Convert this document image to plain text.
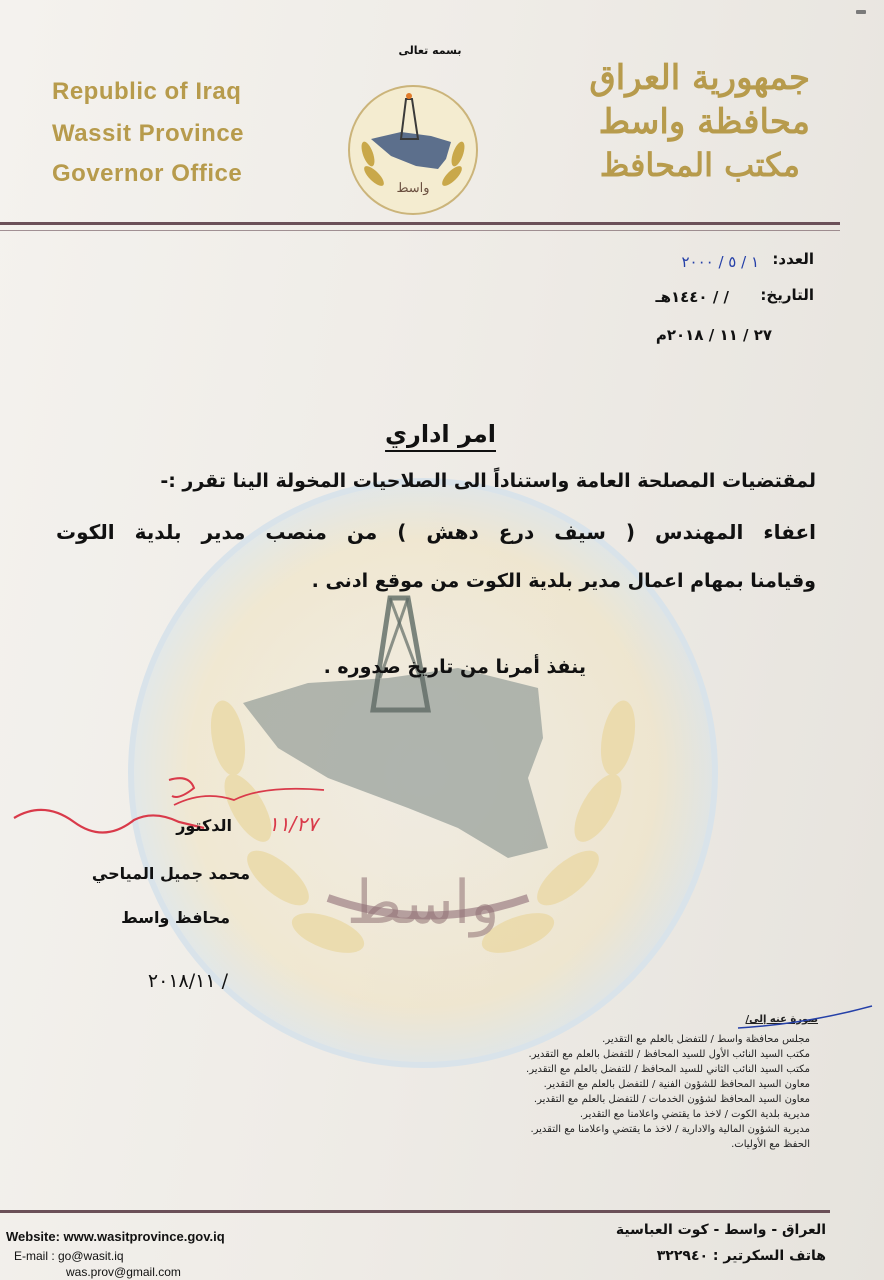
واسط
بسمه تعالى
Republic of Iraq
Wassit Province
Governor Office
واسط
جمهورية العراق
محافظة واسط
مكتب المحافظ
العدد:
١ / ٥ / ٢٠٠٠
التاريخ:
/ / ١٤٤٠هـ
٢٧ / ١١ / ٢٠١٨م
امر اداري
لمقتضيات المصلحة العامة واستناداً الى الصلاحيات المخولة الينا تقرر :-
اعفاء المهندس ( سيف درع دهش ) من منصب مدير بلدية الكوت
وقيامنا بمهام اعمال مدير بلدية الكوت من موقع ادنى .
ينفذ أمرنا من تاريخ صدوره .
١١/٢٧
الدكتور
محمد جميل المياحي
محافظ واسط
/ ٢٠١٨/١١
صورة عنه إلى/
مجلس محافظة واسط / للتفضل بالعلم مع التقدير.
مكتب السيد النائب الأول للسيد المحافظ / للتفضل بالعلم مع التقدير.
مكتب السيد النائب الثاني للسيد المحافظ / للتفضل بالعلم مع التقدير.
معاون السيد المحافظ للشؤون الفنية / للتفضل بالعلم مع التقدير.
معاون السيد المحافظ لشؤون الخدمات / للتفضل بالعلم مع التقدير.
مديرية بلدية الكوت / لاخذ ما يقتضي واعلامنا مع التقدير.
مديرية الشؤون المالية والادارية / لاخذ ما يقتضي واعلامنا مع التقدير.
الحفظ مع الأوليات.
Website: www.wasitprovince.gov.iq
E-mail : go@wasit.iq
was.prov@gmail.com
العراق - واسط - كوت العباسية
هاتف السكرتير : ٣٢٢٩٤٠
